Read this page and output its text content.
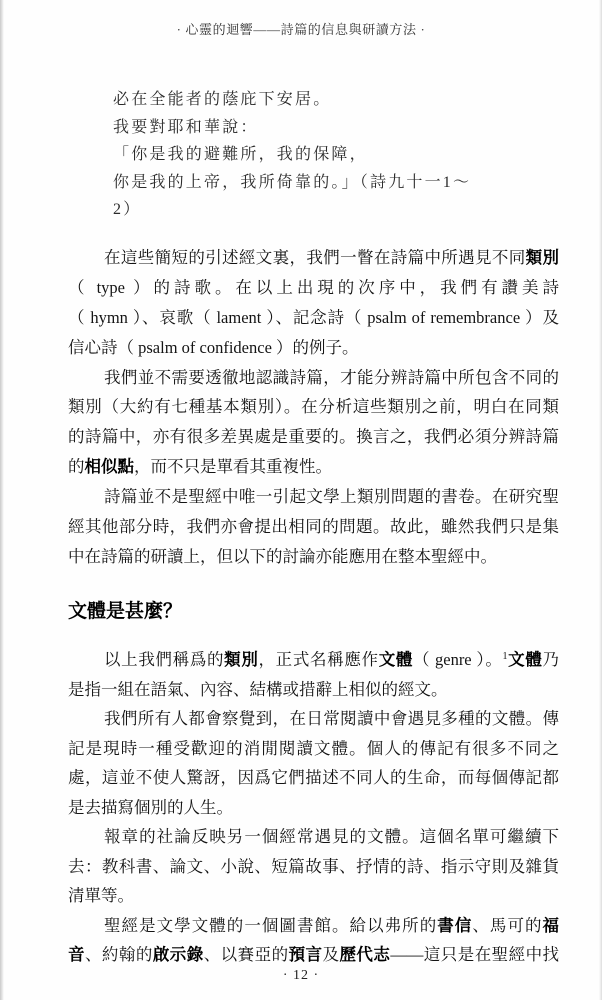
· 心靈的迴響——詩篇的信息與研讀方法 ·
必在全能者的蔭庇下安居。
我要對耶和華說：
「你是我的避難所，我的保障，
你是我的上帝，我所倚靠的。」（詩九十一1～
2）
在這些簡短的引述經文裏，我們一瞥在詩篇中所遇見不同類別
（ type ）的詩歌。在以上出現的次序中，我們有讚美詩
（ hymn ）、哀歌（ lament ）、記念詩（ psalm of remembrance ）及
信心詩（ psalm of confidence ）的例子。
我們並不需要透徹地認識詩篇，才能分辨詩篇中所包含不同的
類別（大約有七種基本類別）。在分析這些類別之前，明白在同類
的詩篇中，亦有很多差異處是重要的。換言之，我們必須分辨詩篇
的相似點，而不只是單看其重複性。
詩篇並不是聖經中唯一引起文學上類別問題的書卷。在研究聖
經其他部分時，我們亦會提出相同的問題。故此，雖然我們只是集
中在詩篇的研讀上，但以下的討論亦能應用在整本聖經中。
文體是甚麼？
以上我們稱爲的類別，正式名稱應作文體（ genre ）。$^1$文體乃
是指一組在語氣、內容、結構或措辭上相似的經文。
我們所有人都會察覺到，在日常閱讀中會遇見多種的文體。傳
記是現時一種受歡迎的消閒閱讀文體。個人的傳記有很多不同之
處，這並不使人驚訝，因爲它們描述不同人的生命，而每個傳記都
是去描寫個別的人生。
報章的社論反映另一個經常遇見的文體。這個名單可繼續下
去：教科書、論文、小說、短篇故事、抒情的詩、指示守則及雜貨
清單等。
聖經是文學文體的一個圖書館。給以弗所的書信、馬可的福
音、約翰的啟示錄、以賽亞的預言及歷代志——這只是在聖經中找
· 12 ·
